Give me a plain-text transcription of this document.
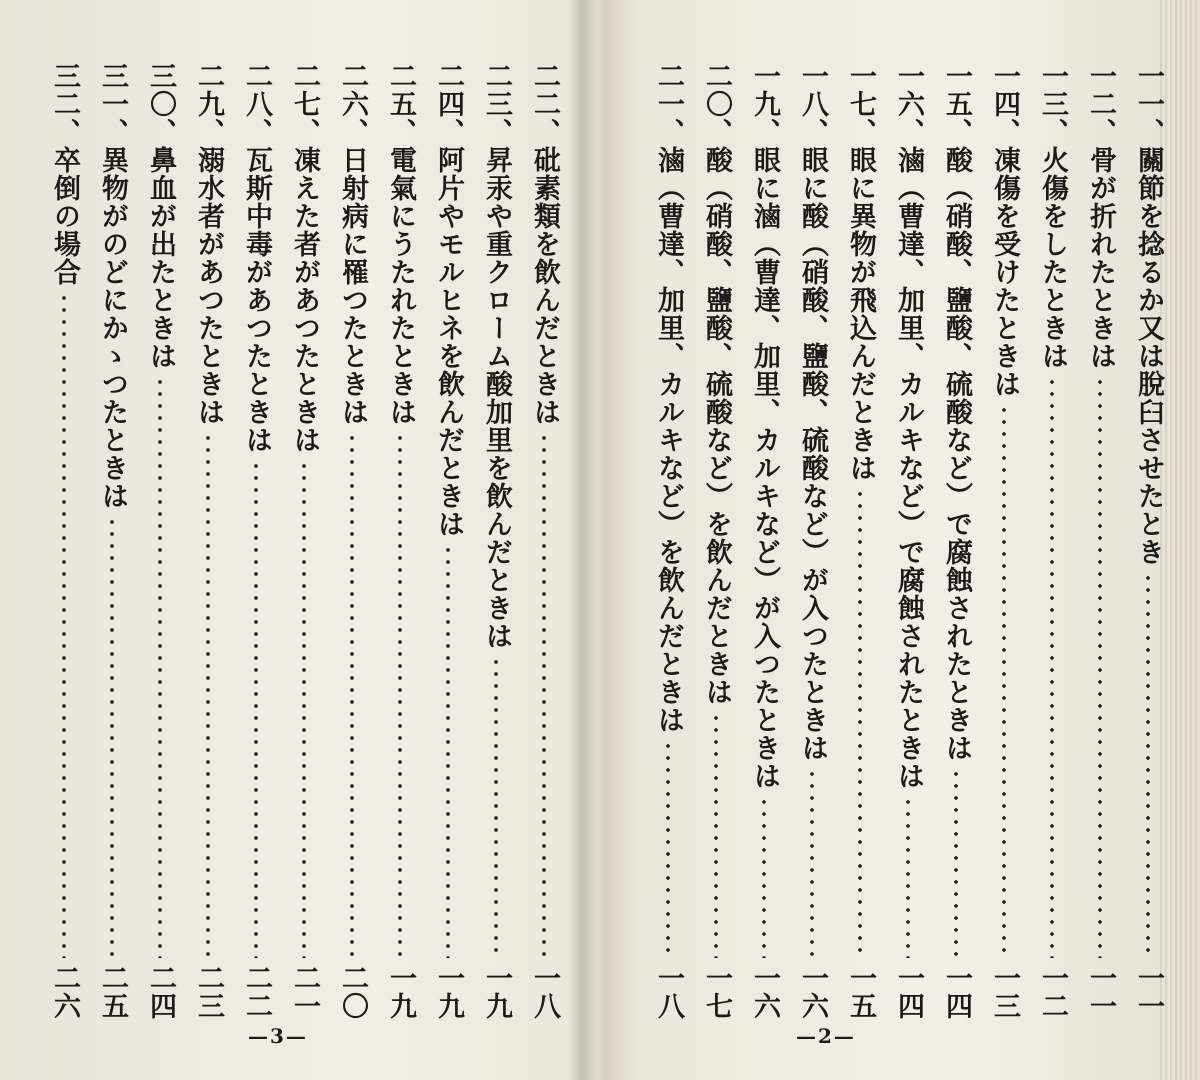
一一、
關節を捻るか又は脫臼させたとき
一一
一二、
骨が折れたときは
一一
一三、
火傷をしたときは
一二
一四、
凍傷を受けたときは
一三
一五、
酸（硝酸、鹽酸、硫酸など）で腐蝕されたときは
一四
一六、
滷（曹達、加里、カルキなど）で腐蝕されたときは
一四
一七、
眼に異物が飛込んだときは
一五
一八、
眼に酸（硝酸、鹽酸、硫酸など）が入つたときは
一六
一九、
眼に滷（曹達、加里、カルキなど）が入つたときは
一六
二〇、
酸（硝酸、鹽酸、硫酸など）を飲んだときは
一七
二一、
滷（曹達、加里、カルキなど）を飲んだときは
一八
—2—
二二、
砒素類を飲んだときは
一八
二三、
昇汞や重クローム酸加里を飲んだときは
一九
二四、
阿片やモルヒネを飲んだときは
一九
二五、
電氣にうたれたときは
一九
二六、
日射病に罹つたときは
二〇
二七、
凍えた者があつたときは
二一
二八、
瓦斯中毒があつたときは
二二
二九、
溺水者があつたときは
二三
三〇、
鼻血が出たときは
二四
三一、
異物がのどにかゝつたときは
二五
三二、
卒倒の場合
二六
—3—
